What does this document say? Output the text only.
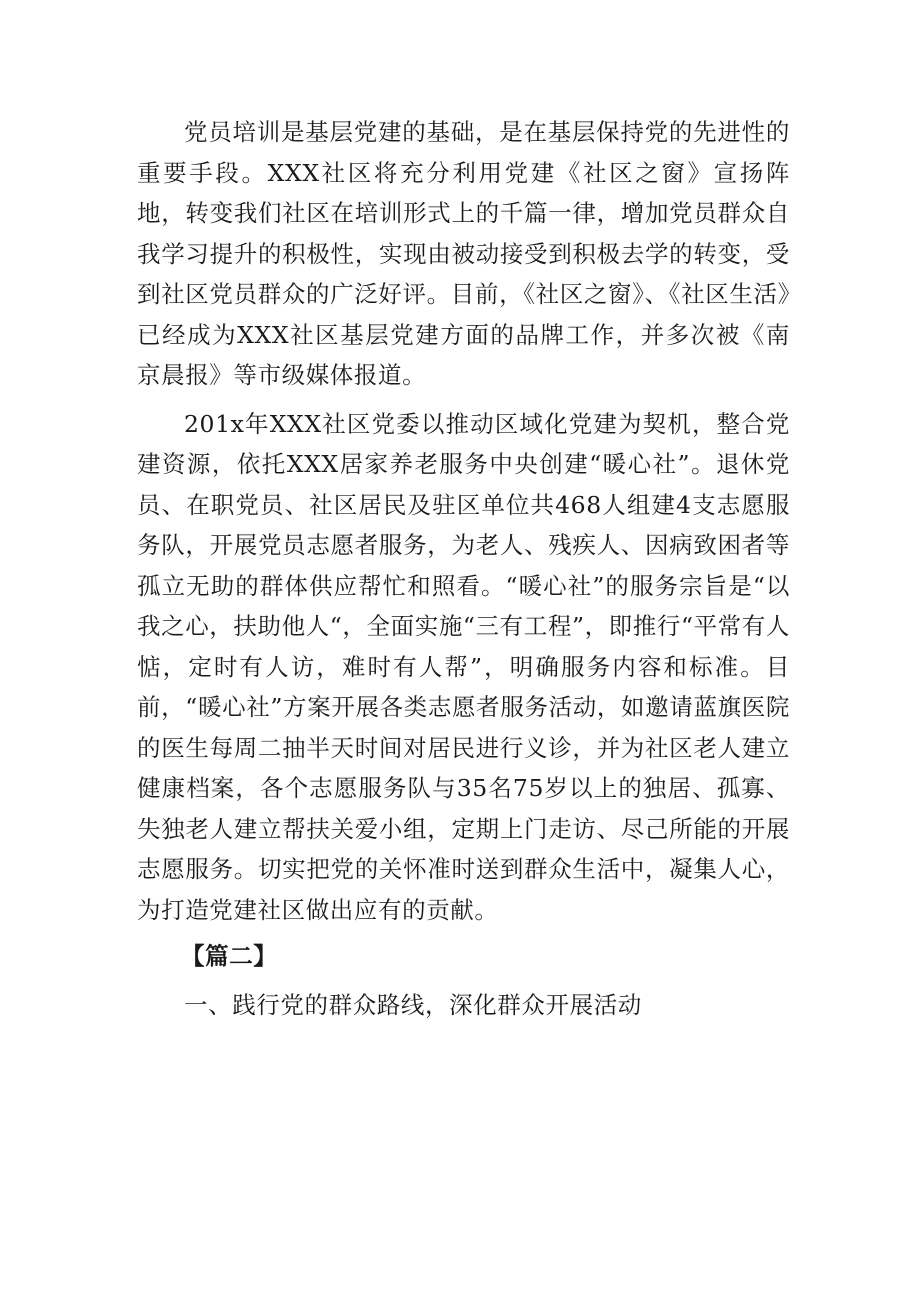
党员培训是基层党建的基础，是在基层保持党的先进性的重要手段。XXX社区将充分利用党建《社区之窗》宣扬阵地，转变我们社区在培训形式上的千篇一律，增加党员群众自我学习提升的积极性，实现由被动接受到积极去学的转变，受到社区党员群众的广泛好评。目前，《社区之窗》、《社区生活》已经成为XXX社区基层党建方面的品牌工作，并多次被《南京晨报》等市级媒体报道。

201x年XXX社区党委以推动区域化党建为契机，整合党建资源，依托XXX居家养老服务中央创建“暖心社”。退休党员、在职党员、社区居民及驻区单位共468人组建4支志愿服务队，开展党员志愿者服务，为老人、残疾人、因病致困者等孤立无助的群体供应帮忙和照看。“暖心社”的服务宗旨是“以我之心，扶助他人“，全面实施“三有工程”，即推行“平常有人惦，定时有人访，难时有人帮”，明确服务内容和标准。目前，“暖心社”方案开展各类志愿者服务活动，如邀请蓝旗医院的医生每周二抽半天时间对居民进行义诊，并为社区老人建立健康档案，各个志愿服务队与35名75岁以上的独居、孤寡、失独老人建立帮扶关爱小组，定期上门走访、尽己所能的开展志愿服务。切实把党的关怀准时送到群众生活中，凝集人心，为打造党建社区做出应有的贡献。

【篇二】

一、践行党的群众路线，深化群众开展活动
